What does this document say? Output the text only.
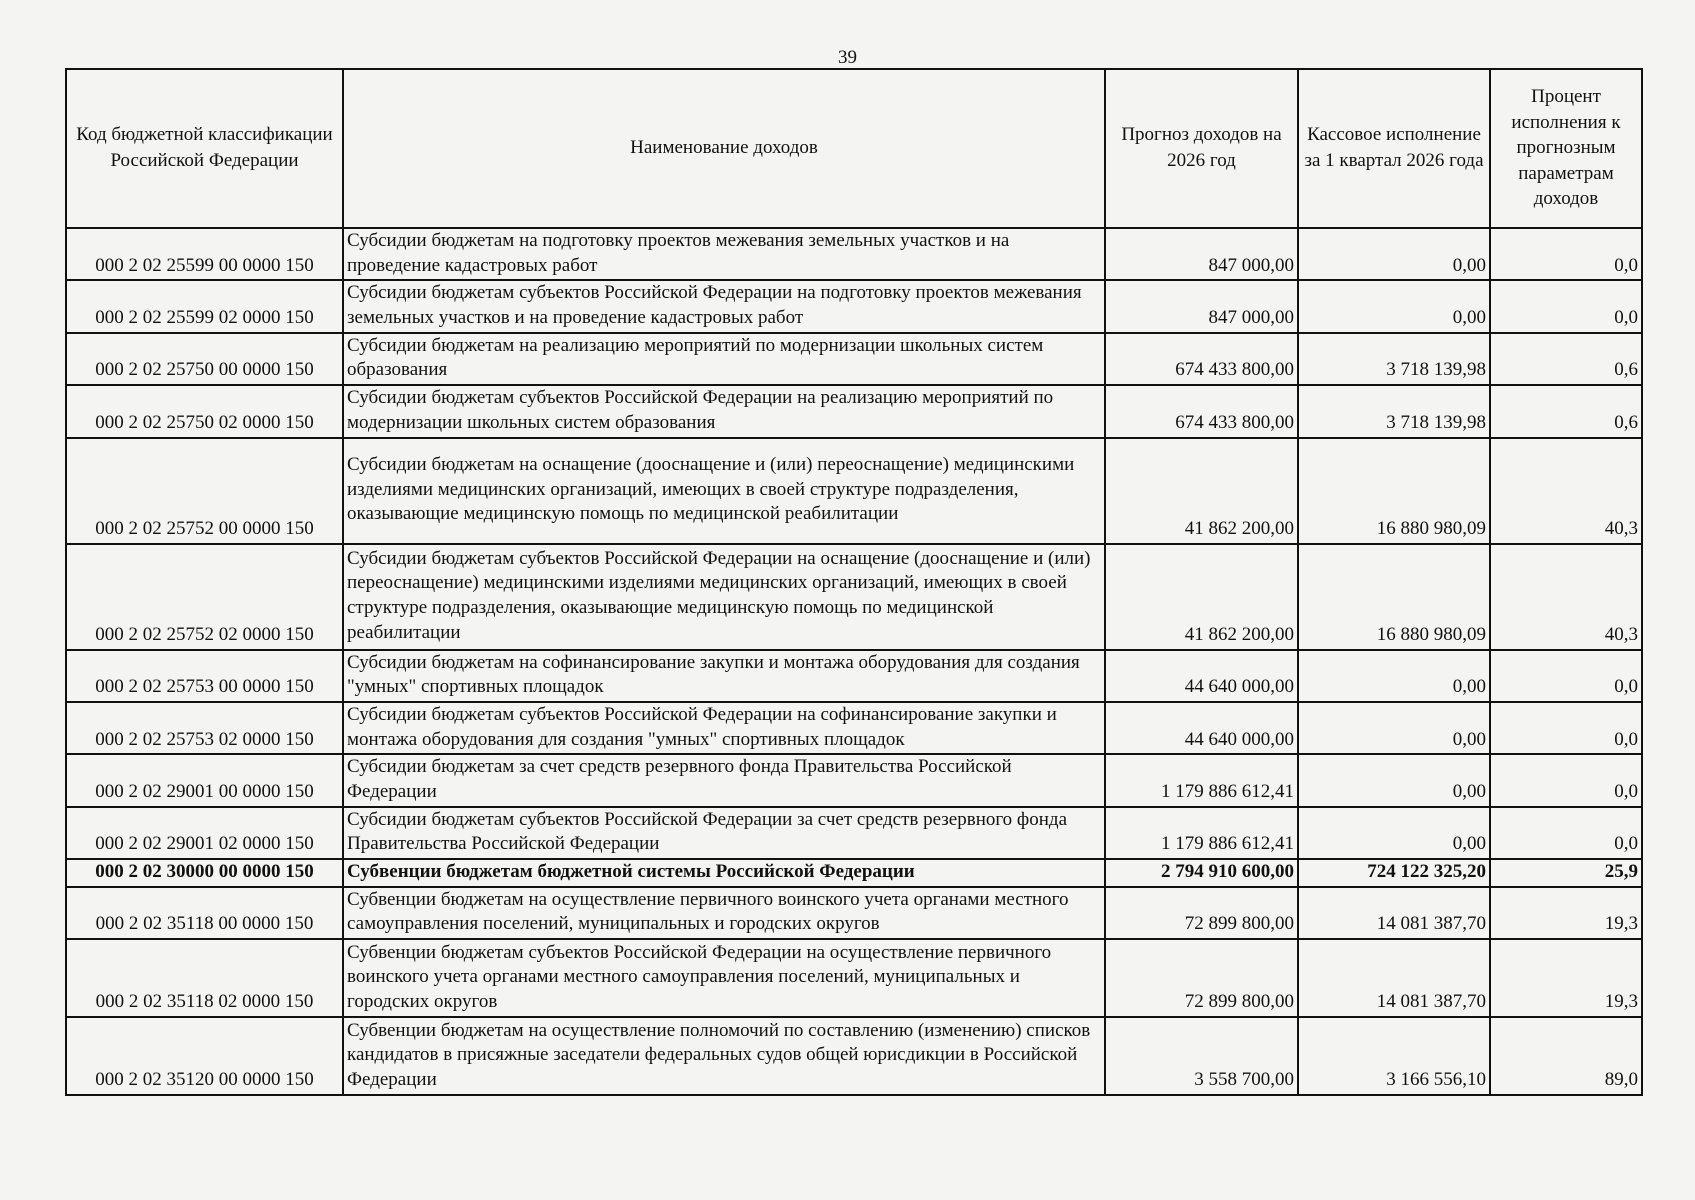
39
Код бюджетной классификации Российской Федерации	Наименование доходов	Прогноз доходов на 2026 год	Кассовое исполнение за 1 квартал 2026 года	Процент исполнения к прогнозным параметрам доходов
000 2 02 25599 00 0000 150	Субсидии бюджетам на подготовку проектов межевания земельных участков и на проведение кадастровых работ	847 000,00	0,00	0,0
000 2 02 25599 02 0000 150	Субсидии бюджетам субъектов Российской Федерации на подготовку проектов межевания земельных участков и на проведение кадастровых работ	847 000,00	0,00	0,0
000 2 02 25750 00 0000 150	Субсидии бюджетам на реализацию мероприятий по модернизации школьных систем образования	674 433 800,00	3 718 139,98	0,6
000 2 02 25750 02 0000 150	Субсидии бюджетам субъектов Российской Федерации на реализацию мероприятий по модернизации школьных систем образования	674 433 800,00	3 718 139,98	0,6
000 2 02 25752 00 0000 150	Субсидии бюджетам на оснащение (дооснащение и (или) переоснащение) медицинскими изделиями медицинских организаций, имеющих в своей структуре подразделения, оказывающие медицинскую помощь по медицинской реабилитации	41 862 200,00	16 880 980,09	40,3
000 2 02 25752 02 0000 150	Субсидии бюджетам субъектов Российской Федерации на оснащение (дооснащение и (или) переоснащение) медицинскими изделиями медицинских организаций, имеющих в своей структуре подразделения, оказывающие медицинскую помощь по медицинской реабилитации	41 862 200,00	16 880 980,09	40,3
000 2 02 25753 00 0000 150	Субсидии бюджетам на софинансирование закупки и монтажа оборудования для создания "умных" спортивных площадок	44 640 000,00	0,00	0,0
000 2 02 25753 02 0000 150	Субсидии бюджетам субъектов Российской Федерации на софинансирование закупки и монтажа оборудования для создания "умных" спортивных площадок	44 640 000,00	0,00	0,0
000 2 02 29001 00 0000 150	Субсидии бюджетам за счет средств резервного фонда Правительства Российской Федерации	1 179 886 612,41	0,00	0,0
000 2 02 29001 02 0000 150	Субсидии бюджетам субъектов Российской Федерации за счет средств резервного фонда Правительства Российской Федерации	1 179 886 612,41	0,00	0,0
000 2 02 30000 00 0000 150	Субвенции бюджетам бюджетной системы Российской Федерации	2 794 910 600,00	724 122 325,20	25,9
000 2 02 35118 00 0000 150	Субвенции бюджетам на осуществление первичного воинского учета органами местного самоуправления поселений, муниципальных и городских округов	72 899 800,00	14 081 387,70	19,3
000 2 02 35118 02 0000 150	Субвенции бюджетам субъектов Российской Федерации на осуществление первичного воинского учета органами местного самоуправления поселений, муниципальных и городских округов	72 899 800,00	14 081 387,70	19,3
000 2 02 35120 00 0000 150	Субвенции бюджетам на осуществление полномочий по составлению (изменению) списков кандидатов в присяжные заседатели федеральных судов общей юрисдикции в Российской Федерации	3 558 700,00	3 166 556,10	89,0
